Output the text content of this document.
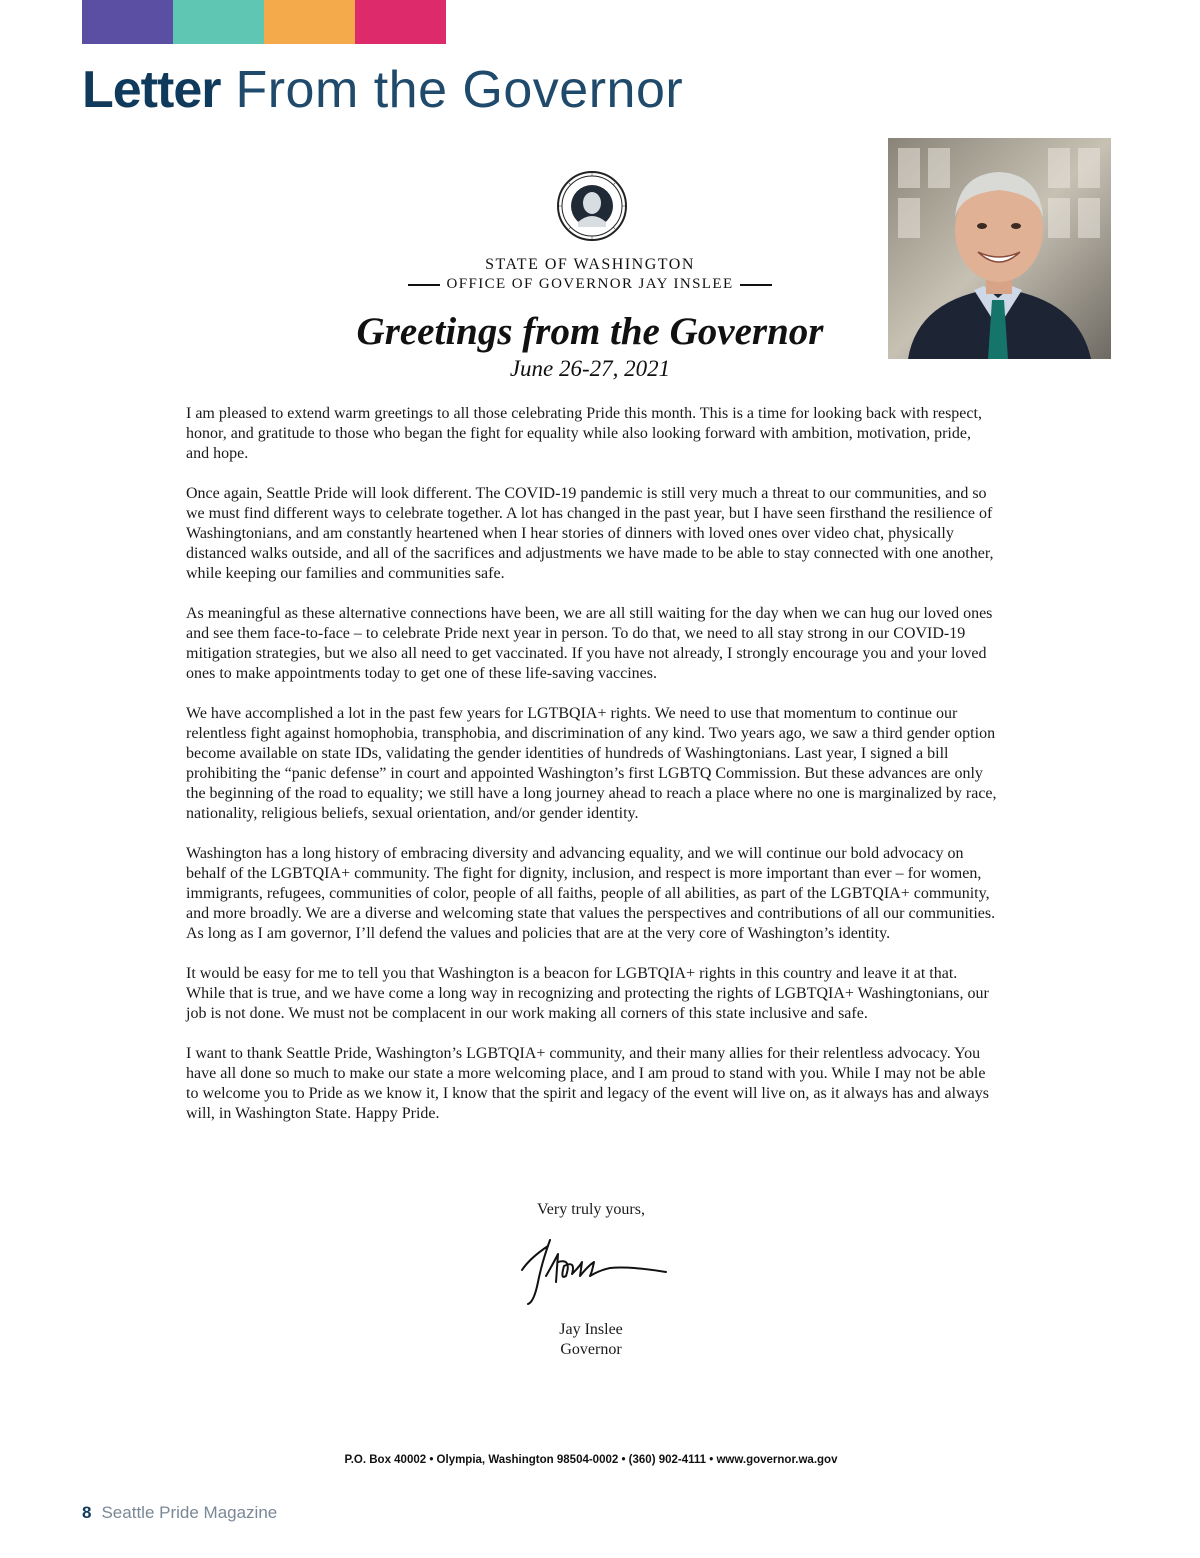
Letter From the Governor
STATE OF WASHINGTON
OFFICE OF GOVERNOR JAY INSLEE
Greetings from the Governor
June 26-27, 2021

I am pleased to extend warm greetings to all those celebrating Pride this month. This is a time for looking back with respect, honor, and gratitude to those who began the fight for equality while also looking forward with ambition, motivation, pride, and hope.

Once again, Seattle Pride will look different. The COVID-19 pandemic is still very much a threat to our communities, and so we must find different ways to celebrate together. A lot has changed in the past year, but I have seen firsthand the resilience of Washingtonians, and am constantly heartened when I hear stories of dinners with loved ones over video chat, physically distanced walks outside, and all of the sacrifices and adjustments we have made to be able to stay connected with one another, while keeping our families and communities safe.

As meaningful as these alternative connections have been, we are all still waiting for the day when we can hug our loved ones and see them face-to-face – to celebrate Pride next year in person. To do that, we need to all stay strong in our COVID-19 mitigation strategies, but we also all need to get vaccinated. If you have not already, I strongly encourage you and your loved ones to make appointments today to get one of these life-saving vaccines.

We have accomplished a lot in the past few years for LGTBQIA+ rights. We need to use that momentum to continue our relentless fight against homophobia, transphobia, and discrimination of any kind. Two years ago, we saw a third gender option become available on state IDs, validating the gender identities of hundreds of Washingtonians. Last year, I signed a bill prohibiting the “panic defense” in court and appointed Washington’s first LGBTQ Commission. But these advances are only the beginning of the road to equality; we still have a long journey ahead to reach a place where no one is marginalized by race, nationality, religious beliefs, sexual orientation, and/or gender identity.

Washington has a long history of embracing diversity and advancing equality, and we will continue our bold advocacy on behalf of the LGBTQIA+ community. The fight for dignity, inclusion, and respect is more important than ever – for women, immigrants, refugees, communities of color, people of all faiths, people of all abilities, as part of the LGBTQIA+ community, and more broadly. We are a diverse and welcoming state that values the perspectives and contributions of all our communities. As long as I am governor, I’ll defend the values and policies that are at the very core of Washington’s identity.

It would be easy for me to tell you that Washington is a beacon for LGBTQIA+ rights in this country and leave it at that. While that is true, and we have come a long way in recognizing and protecting the rights of LGBTQIA+ Washingtonians, our job is not done. We must not be complacent in our work making all corners of this state inclusive and safe.

I want to thank Seattle Pride, Washington’s LGBTQIA+ community, and their many allies for their relentless advocacy. You have all done so much to make our state a more welcoming place, and I am proud to stand with you. While I may not be able to welcome you to Pride as we know it, I know that the spirit and legacy of the event will live on, as it always has and always will, in Washington State. Happy Pride.

Very truly yours,
Jay Inslee
Governor
P.O. Box 40002 • Olympia, Washington 98504-0002 • (360) 902-4111 • www.governor.wa.gov
8 Seattle Pride Magazine
